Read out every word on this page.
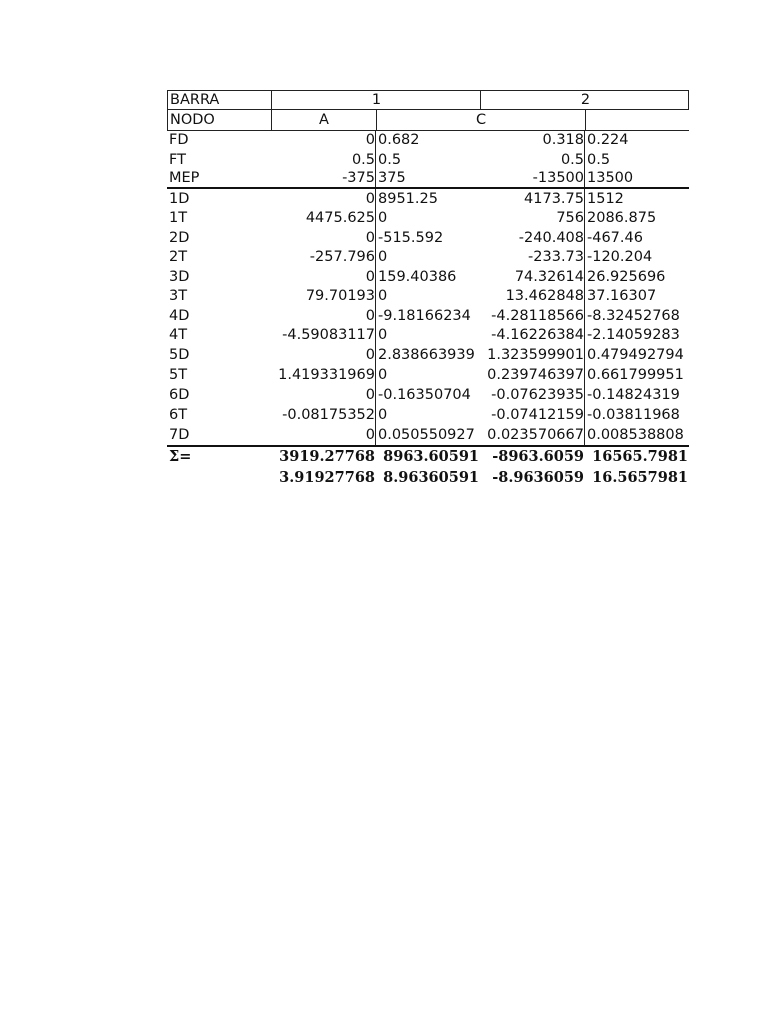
BARRA	1	2
NODO	A	C
FD	0 0.682	0.318 0.224
FT	0.5 0.5	0.5 0.5
MEP	-375 375	-13500 13500
1D	0 8951.25	4173.75 1512
1T	4475.625 0	756 2086.875
2D	0 -515.592	-240.408 -467.46
2T	-257.796 0	-233.73 -120.204
3D	0 159.40386	74.32614 26.925696
3T	79.70193 0	13.462848 37.16307
4D	0 -9.18166234	-4.28118566 -8.32452768
4T	-4.59083117 0	-4.16226384 -2.14059283
5D	0 2.838663939 1.323599901 0.479492794
5T	1.419331969 0	0.239746397 0.661799951
6D	0 -0.16350704	-0.07623935 -0.14824319
6T	-0.08175352 0	-0.07412159 -0.03811968
7D	0 0.050550927 0.023570667 0.008538808
Σ=	3919.27768 8963.60591 -8963.6059 16565.7981
3.91927768 8.96360591 -8.9636059 16.5657981
